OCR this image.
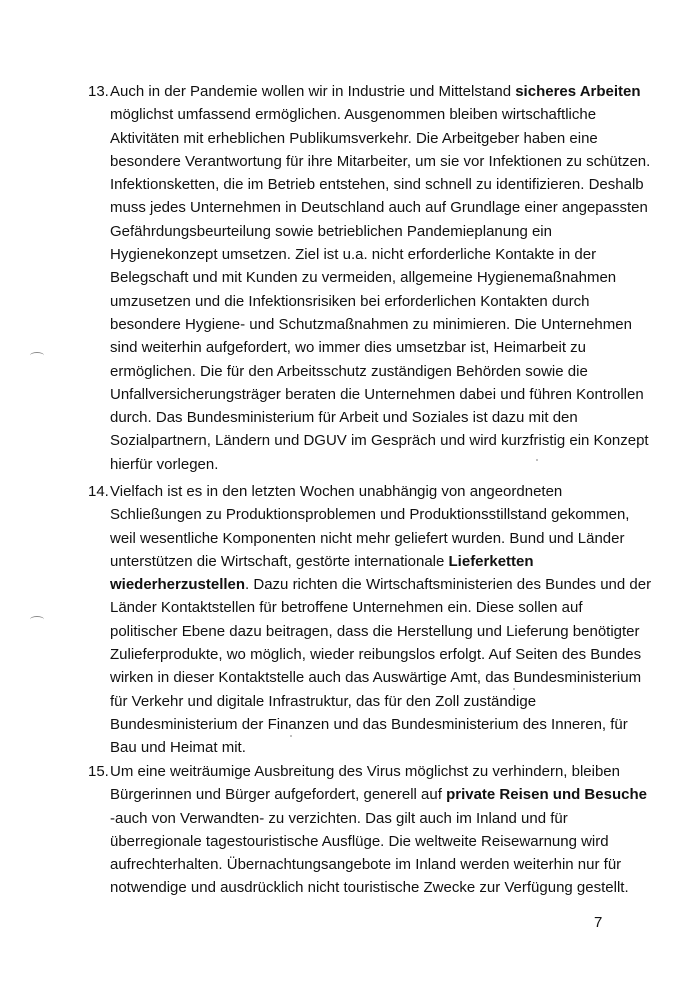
13. Auch in der Pandemie wollen wir in Industrie und Mittelstand sicheres Arbeiten
möglichst umfassend ermöglichen. Ausgenommen bleiben wirtschaftliche
Aktivitäten mit erheblichen Publikumsverkehr. Die Arbeitgeber haben eine
besondere Verantwortung für ihre Mitarbeiter, um sie vor Infektionen zu schützen.
Infektionsketten, die im Betrieb entstehen, sind schnell zu identifizieren. Deshalb
muss jedes Unternehmen in Deutschland auch auf Grundlage einer angepassten
Gefährdungsbeurteilung sowie betrieblichen Pandemieplanung ein
Hygienekonzept umsetzen. Ziel ist u.a. nicht erforderliche Kontakte in der
Belegschaft und mit Kunden zu vermeiden, allgemeine Hygienemaßnahmen
umzusetzen und die Infektionsrisiken bei erforderlichen Kontakten durch
besondere Hygiene- und Schutzmaßnahmen zu minimieren. Die Unternehmen
sind weiterhin aufgefordert, wo immer dies umsetzbar ist, Heimarbeit zu
ermöglichen. Die für den Arbeitsschutz zuständigen Behörden sowie die
Unfallversicherungsträger beraten die Unternehmen dabei und führen Kontrollen
durch. Das Bundesministerium für Arbeit und Soziales ist dazu mit den
Sozialpartnern, Ländern und DGUV im Gespräch und wird kurzfristig ein Konzept
hierfür vorlegen.
14. Vielfach ist es in den letzten Wochen unabhängig von angeordneten
Schließungen zu Produktionsproblemen und Produktionsstillstand gekommen,
weil wesentliche Komponenten nicht mehr geliefert wurden. Bund und Länder
unterstützen die Wirtschaft, gestörte internationale Lieferketten
wiederherzustellen. Dazu richten die Wirtschaftsministerien des Bundes und der
Länder Kontaktstellen für betroffene Unternehmen ein. Diese sollen auf
politischer Ebene dazu beitragen, dass die Herstellung und Lieferung benötigter
Zulieferprodukte, wo möglich, wieder reibungslos erfolgt. Auf Seiten des Bundes
wirken in dieser Kontaktstelle auch das Auswärtige Amt, das Bundesministerium
für Verkehr und digitale Infrastruktur, das für den Zoll zuständige
Bundesministerium der Finanzen und das Bundesministerium des Inneren, für
Bau und Heimat mit.
15. Um eine weiträumige Ausbreitung des Virus möglichst zu verhindern, bleiben
Bürgerinnen und Bürger aufgefordert, generell auf private Reisen und Besuche
-auch von Verwandten- zu verzichten. Das gilt auch im Inland und für
überregionale tagestouristische Ausflüge. Die weltweite Reisewarnung wird
aufrechterhalten. Übernachtungsangebote im Inland werden weiterhin nur für
notwendige und ausdrücklich nicht touristische Zwecke zur Verfügung gestellt.
7
